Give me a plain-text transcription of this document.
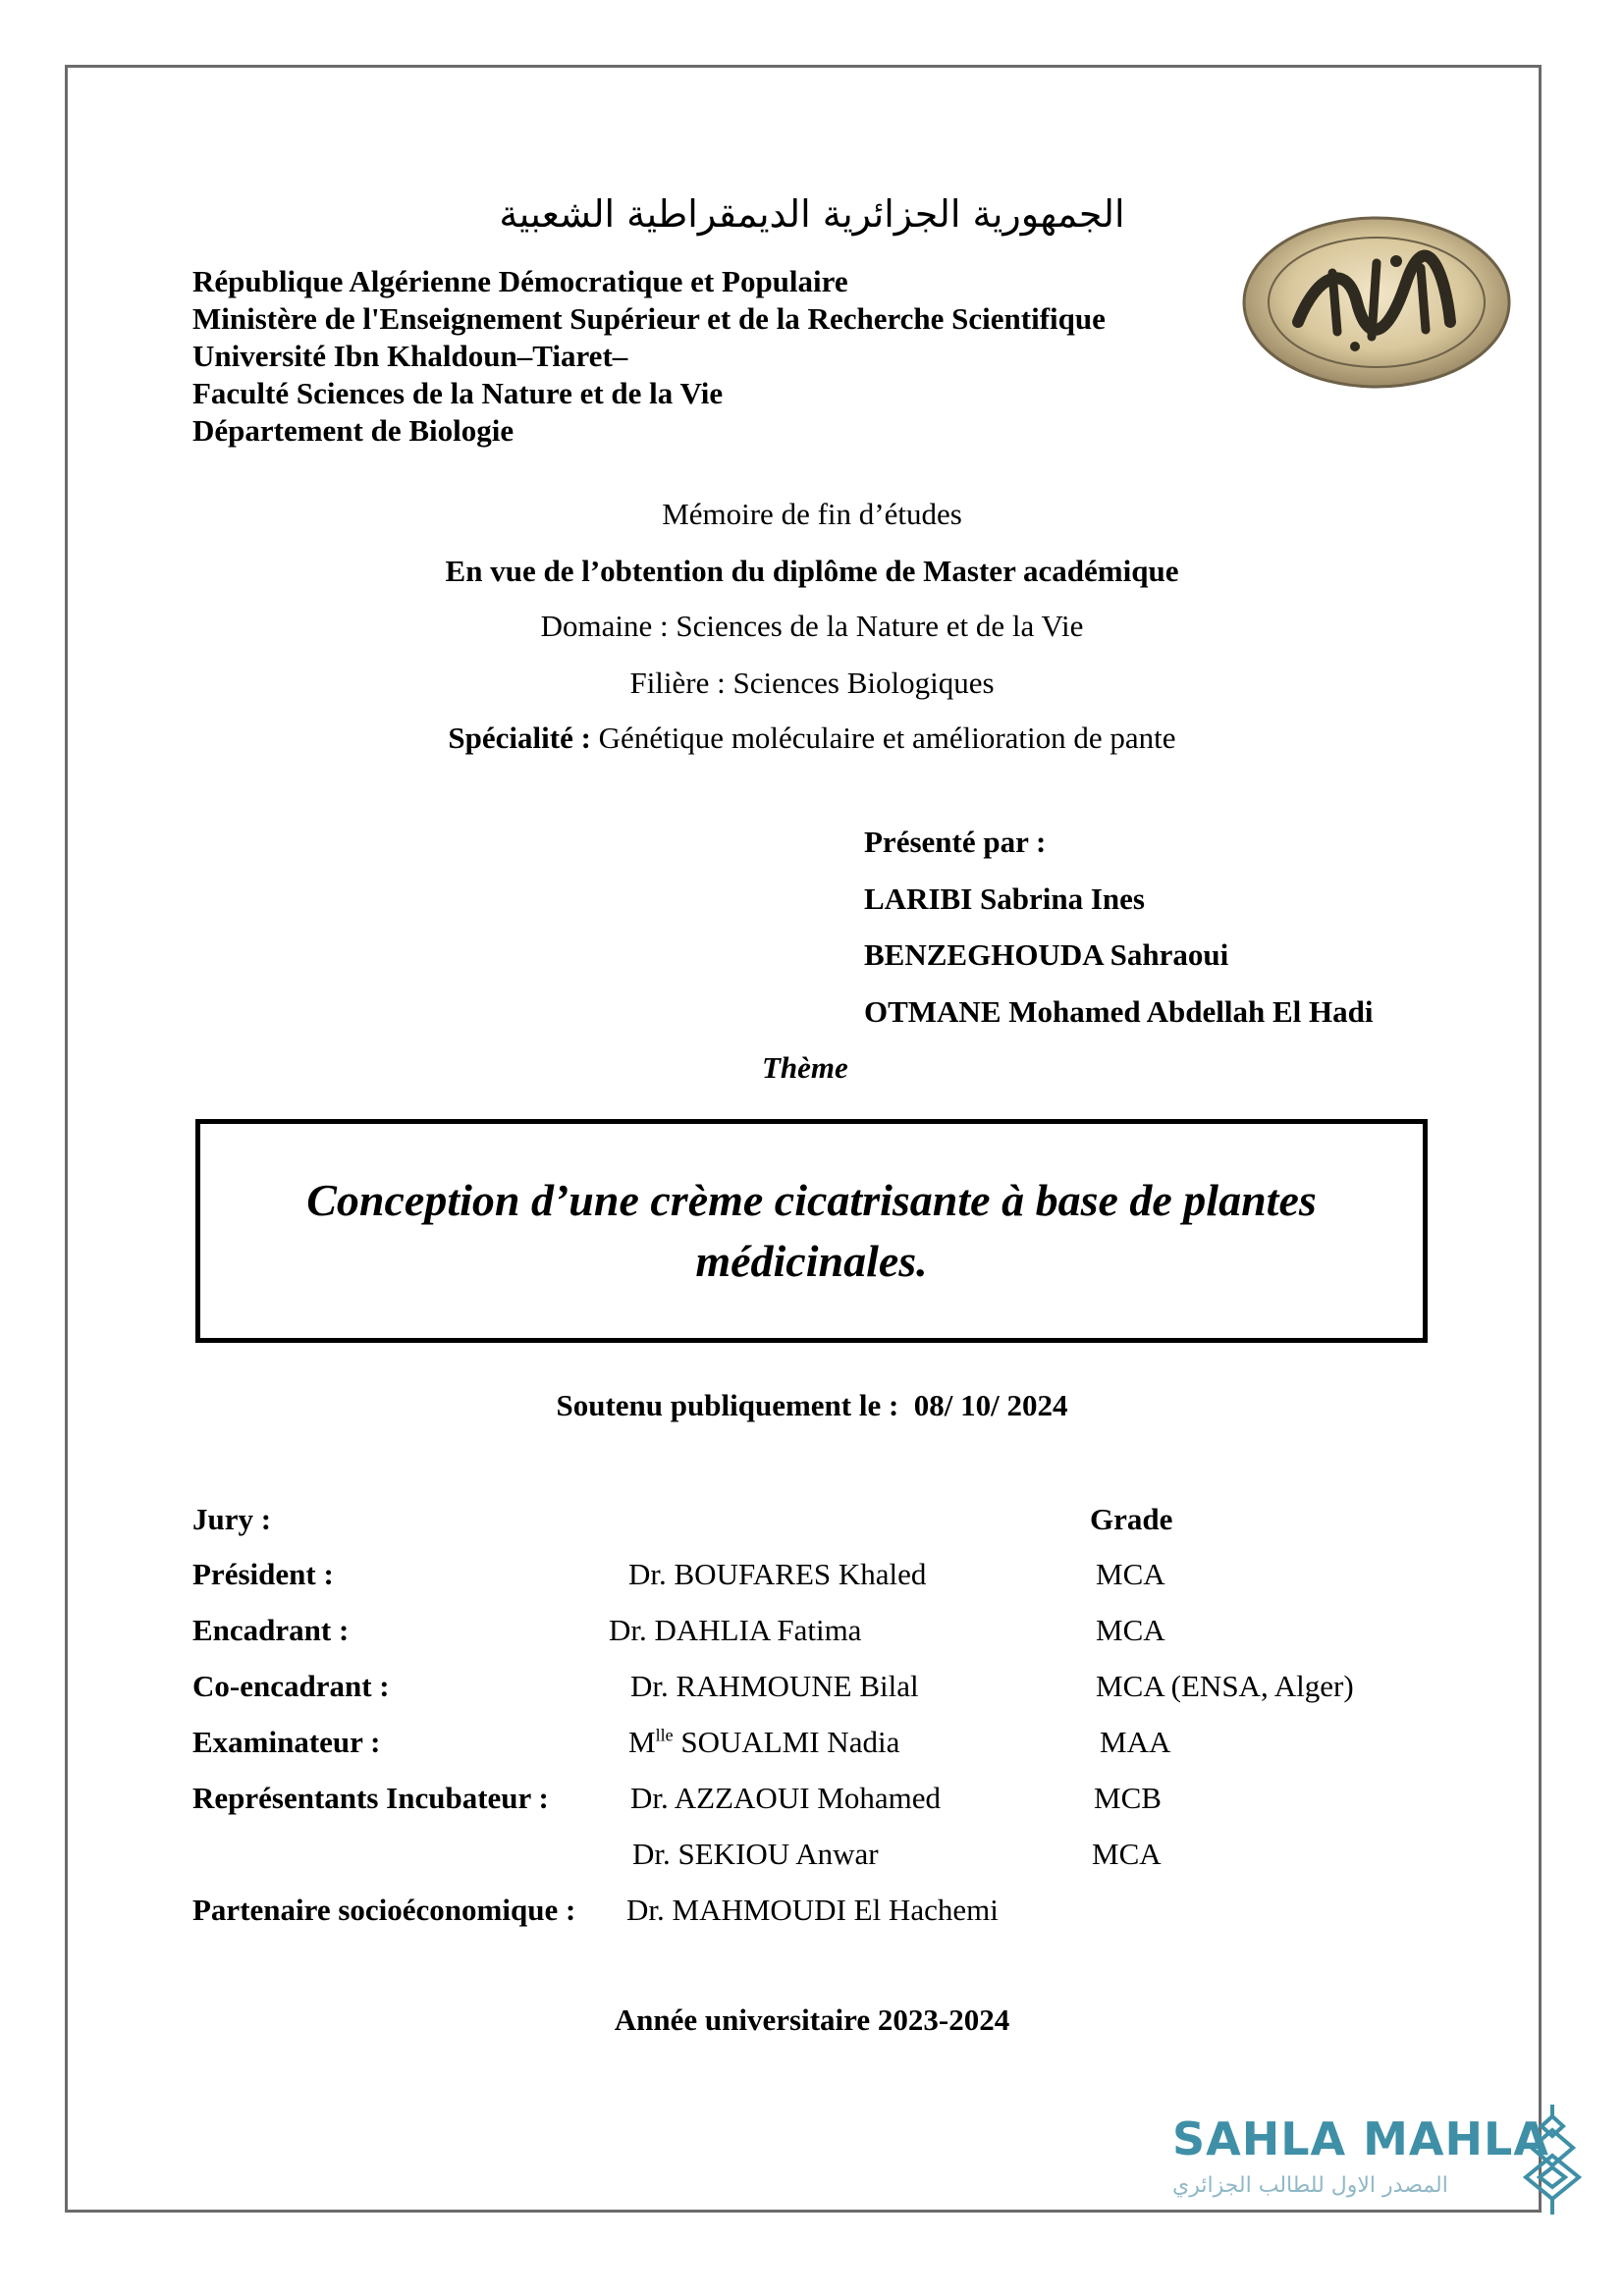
الجمهورية الجزائرية الديمقراطية الشعبية
République Algérienne Démocratique et Populaire
Ministère de l'Enseignement Supérieur et de la Recherche Scientifique
Université Ibn Khaldoun–Tiaret–
Faculté Sciences de la Nature et de la Vie
Département de Biologie
Mémoire de fin d’études
En vue de l’obtention du diplôme de Master académique
Domaine : Sciences de la Nature et de la Vie
Filière : Sciences Biologiques
Spécialité : Génétique moléculaire et amélioration de pante
Présenté par :
LARIBI Sabrina Ines
BENZEGHOUDA Sahraoui
OTMANE Mohamed Abdellah El Hadi
Thème
Conception d’une crème cicatrisante à base de plantes médicinales.
Soutenu publiquement le : 08/ 10/ 2024
Jury :	Grade
Président :	Dr. BOUFARES Khaled	MCA
Encadrant :	Dr. DAHLIA Fatima	MCA
Co-encadrant :	Dr. RAHMOUNE Bilal	MCA (ENSA, Alger)
Examinateur :	$M^{lle}$ SOUALMI Nadia	MAA
Représentants Incubateur :	Dr. AZZAOUI Mohamed	MCB
Dr. SEKIOU Anwar	MCA
Partenaire socioéconomique : Dr. MAHMOUDI El Hachemi
Année universitaire 2023-2024
SAHLA MAHLA
المصدر الاول للطالب الجزائري
